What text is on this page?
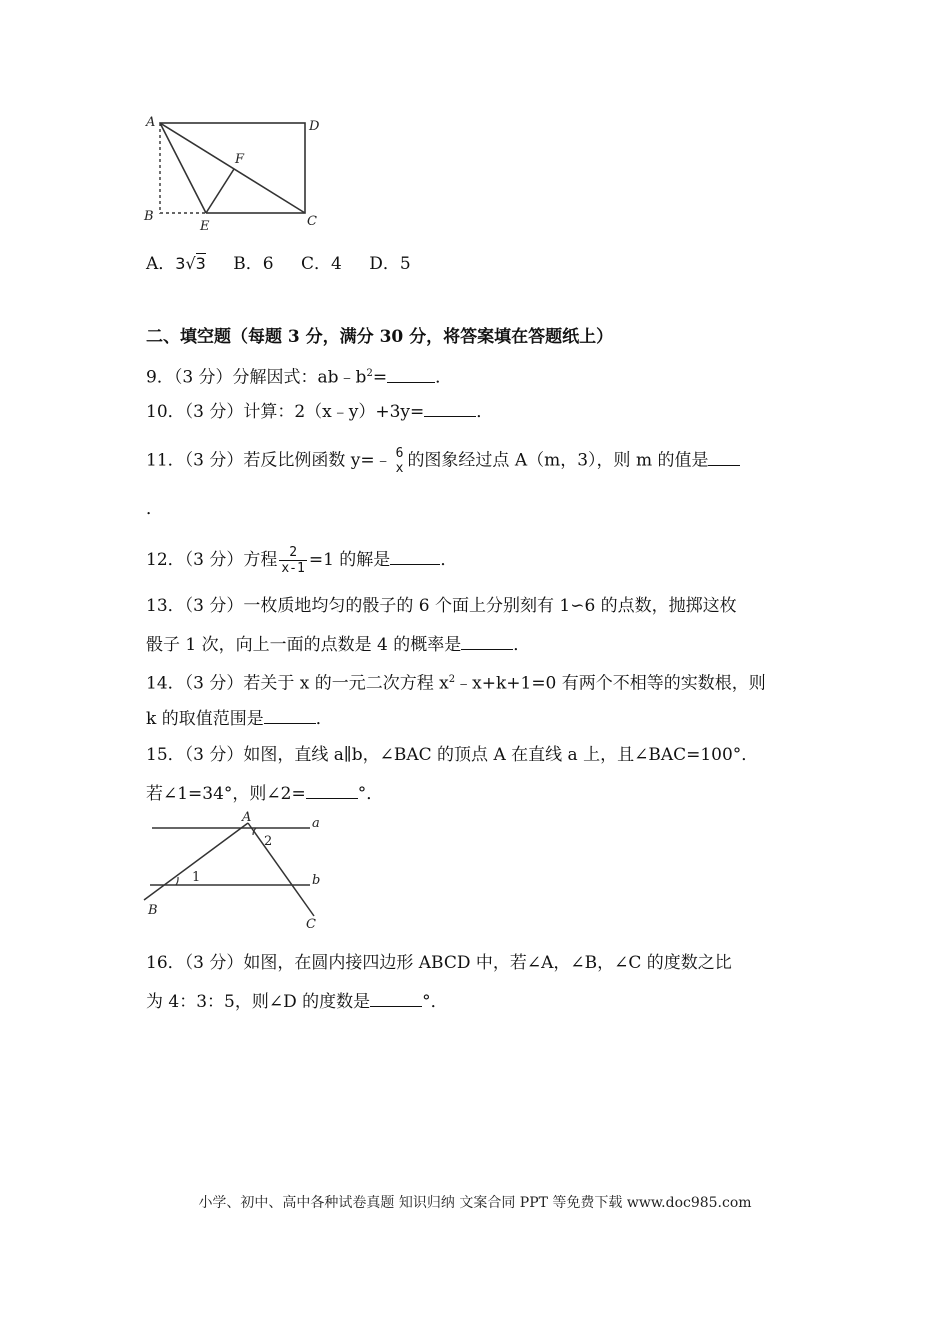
A	D
F
B	C
E
A．3√3 B．6 C．4 D．5
二、填空题（每题 3 分，满分 30 分，将答案填在答题纸上）
9．（3 分）分解因式：$ab﹣b^2=$	．
10．（3 分）计算：2（x﹣y）+3y=	．
11．（3 分）若反比例函数 y=﹣ 6
x 的图象经过点 A（m，3），则 m 的值是
．
12．（3 分）方程 $\frac{2}{x-1} =1$ 的解是	．
13．（3 分）一枚质地均匀的骰子的 6 个面上分别刻有 1∽6 的点数，抛掷这枚
骰子 1 次，向上一面的点数是 4 的概率是	．
14．（3 分）若关于 x 的一元二次方程 $x^2﹣x+k+1=0$ 有两个不相等的实数根，则
k 的取值范围是	．
15．（3 分）如图，直线 a∥b，∠BAC 的顶点 A 在直线 a 上，且∠BAC=100°．
若∠1=34°，则∠2=	°．
A	a
b
B
C
1
2
16．（3 分）如图，在圆内接四边形 ABCD 中，若∠A，∠B，∠C 的度数之比
为 4：3：5，则∠D 的度数是	°．
小学、初中、高中各种试卷真题 知识归纳 文案合同 PPT 等免费下载 www.doc985.com
